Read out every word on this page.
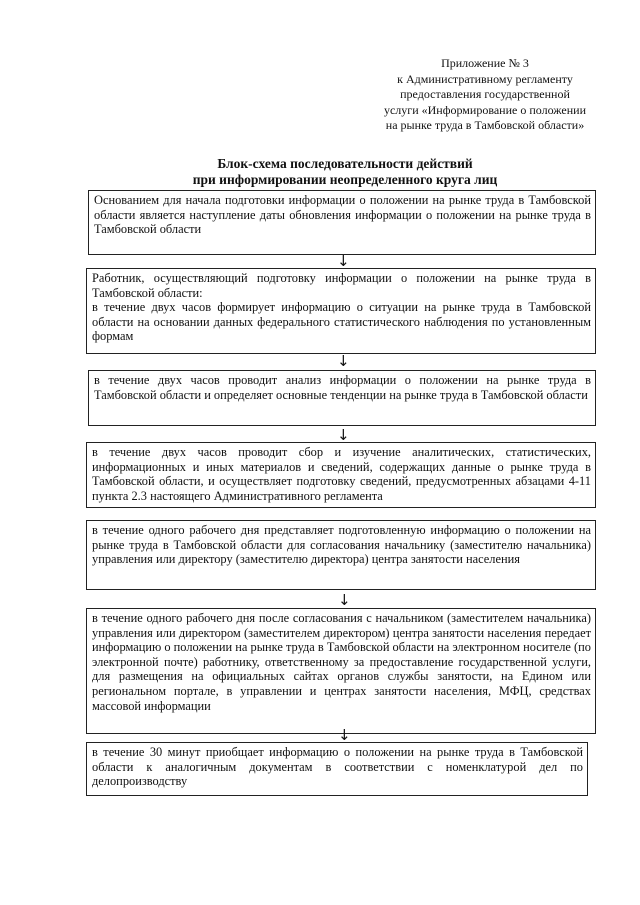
Приложение № 3
к Административному регламенту
предоставления государственной
услуги «Информирование о положении
на рынке труда в Тамбовской области»
Блок-схема последовательности действий
при информировании неопределенного круга лиц

Основанием для начала подготовки информации о положении на рынке труда в Тамбовской области является наступление даты обновления информации о положении на рынке труда в Тамбовской области

↓

Работник, осуществляющий подготовку информации о положении на рынке труда в Тамбовской области:

в течение двух часов формирует информацию о ситуации на рынке труда в Тамбовской области на основании данных федерального статистического наблюдения по установленным формам

↓

в течение двух часов проводит анализ информации о положении на рынке труда в Тамбовской области и определяет основные тенденции на рынке труда в Тамбовской области

↓

в течение двух часов проводит сбор и изучение аналитических, статистических, информационных и иных материалов и сведений, содержащих данные о рынке труда в Тамбовской области, и осуществляет подготовку сведений, предусмотренных абзацами 4-11 пункта 2.3 настоящего Административного регламента

в течение одного рабочего дня представляет подготовленную информацию о положении на рынке труда в Тамбовской области для согласования начальнику (заместителю начальника) управления или директору (заместителю директора) центра занятости населения

↓

в течение одного рабочего дня после согласования с начальником (заместителем начальника) управления или директором (заместителем директором) центра занятости населения передает информацию о положении на рынке труда в Тамбовской области на электронном носителе (по электронной почте) работнику, ответственному за предоставление государственной услуги, для размещения на официальных сайтах органов службы занятости, на Едином или региональном портале, в управлении и центрах занятости населения, МФЦ, средствах массовой информации

↓

в течение 30 минут приобщает информацию о положении на рынке труда в Тамбовской области к аналогичным документам в соответствии с номенклатурой дел по делопроизводству
